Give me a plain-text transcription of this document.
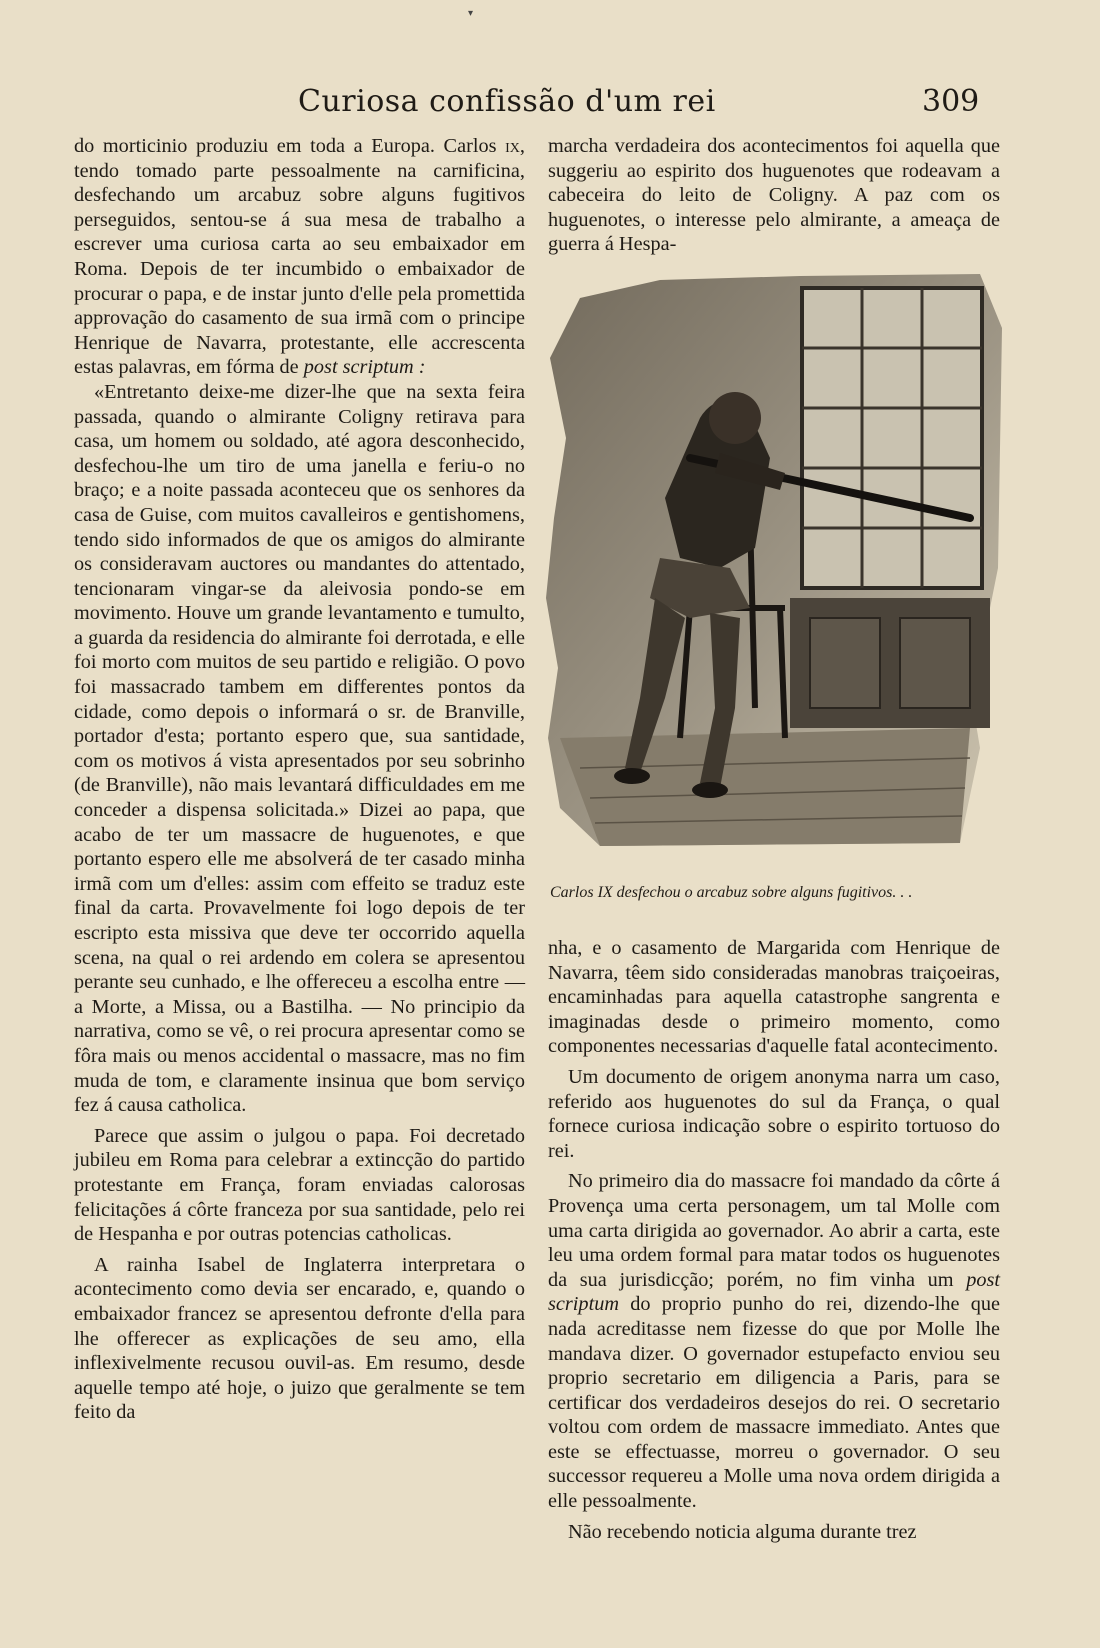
▾
Curiosa confissão d'um rei	309

do morticinio produziu em toda a Europa. Carlos ix, tendo tomado parte pessoalmente na carnificina, desfechando um arcabuz sobre alguns fugitivos perseguidos, sentou-se á sua mesa de trabalho a escrever uma curiosa carta ao seu embaixador em Roma. Depois de ter incumbido o embaixador de procurar o papa, e de instar junto d'elle pela promettida approvação do casamento de sua irmã com o principe Henrique de Navarra, protestante, elle accrescenta estas palavras, em fórma de post scriptum :

«Entretanto deixe-me dizer-lhe que na sexta feira passada, quando o almirante Coligny retirava para casa, um homem ou soldado, até agora desconhecido, desfechou-lhe um tiro de uma janella e feriu-o no braço; e a noite passada aconteceu que os senhores da casa de Guise, com muitos cavalleiros e gentishomens, tendo sido informados de que os amigos do almirante os consideravam auctores ou mandantes do attentado, tencionaram vingar-se da aleivosia pondo-se em movimento. Houve um grande levantamento e tumulto, a guarda da residencia do almirante foi derrotada, e elle foi morto com muitos de seu partido e religião. O povo foi massacrado tambem em differentes pontos da cidade, como depois o informará o sr. de Branville, portador d'esta; portanto espero que, sua santidade, com os motivos á vista apresentados por seu sobrinho (de Branville), não mais levantará difficuldades em me conceder a dispensa solicitada.» Dizei ao papa, que acabo de ter um massacre de huguenotes, e que portanto espero elle me absolverá de ter casado minha irmã com um d'elles: assim com effeito se traduz este final da carta. Provavelmente foi logo depois de ter escripto esta missiva que deve ter occorrido aquella scena, na qual o rei ardendo em colera se apresentou perante seu cunhado, e lhe offereceu a escolha entre — a Morte, a Missa, ou a Bastilha. — No principio da narrativa, como se vê, o rei procura apresentar como se fôra mais ou menos accidental o massacre, mas no fim muda de tom, e claramente insinua que bom serviço fez á causa catholica.

Parece que assim o julgou o papa. Foi decretado jubileu em Roma para celebrar a extincção do partido protestante em França, foram enviadas calorosas felicitações á côrte franceza por sua santidade, pelo rei de Hespanha e por outras potencias catholicas.

A rainha Isabel de Inglaterra interpretara o acontecimento como devia ser encarado, e, quando o embaixador francez se apresentou defronte d'ella para lhe offerecer as explicações de seu amo, ella inflexivelmente recusou ouvil-as. Em resumo, desde aquelle tempo até hoje, o juizo que geralmente se tem feito da

marcha verdadeira dos acontecimentos foi aquella que suggeriu ao espirito dos huguenotes que rodeavam a cabeceira do leito de Coligny. A paz com os huguenotes, o interesse pelo almirante, a ameaça de guerra á Hespa-

Carlos IX desfechou o arcabuz sobre alguns fugitivos. . .

nha, e o casamento de Margarida com Henrique de Navarra, têem sido consideradas manobras traiçoeiras, encaminhadas para aquella catastrophe sangrenta e imaginadas desde o primeiro momento, como componentes necessarias d'aquelle fatal acontecimento.

Um documento de origem anonyma narra um caso, referido aos huguenotes do sul da França, o qual fornece curiosa indicação sobre o espirito tortuoso do rei.

No primeiro dia do massacre foi mandado da côrte á Provença uma certa personagem, um tal Molle com uma carta dirigida ao governador. Ao abrir a carta, este leu uma ordem formal para matar todos os huguenotes da sua jurisdicção; porém, no fim vinha um post scriptum do proprio punho do rei, dizendo-lhe que nada acreditasse nem fizesse do que por Molle lhe mandava dizer. O governador estupefacto enviou seu proprio secretario em diligencia a Paris, para se certificar dos verdadeiros desejos do rei. O secretario voltou com ordem de massacre immediato. Antes que este se effectuasse, morreu o governador. O seu successor requereu a Molle uma nova ordem dirigida a elle pessoalmente.

Não recebendo noticia alguma durante trez
